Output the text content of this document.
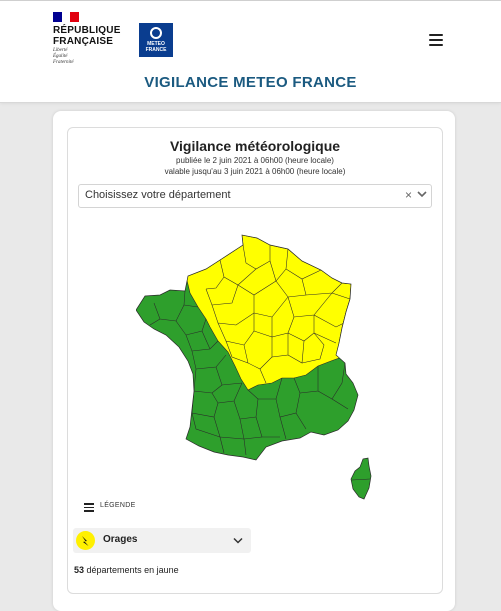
RÉPUBLIQUE
FRANÇAISE
Liberté
Égalité
Fraternité
METEO
FRANCE
VIGILANCE METEO FRANCE
Vigilance météorologique
publiée le 2 juin 2021 à 06h00 (heure locale)
valable jusqu'au 3 juin 2021 à 06h00 (heure locale)
Choisissez votre département	×
LÉGENDE
Orages
53 départements en jaune
